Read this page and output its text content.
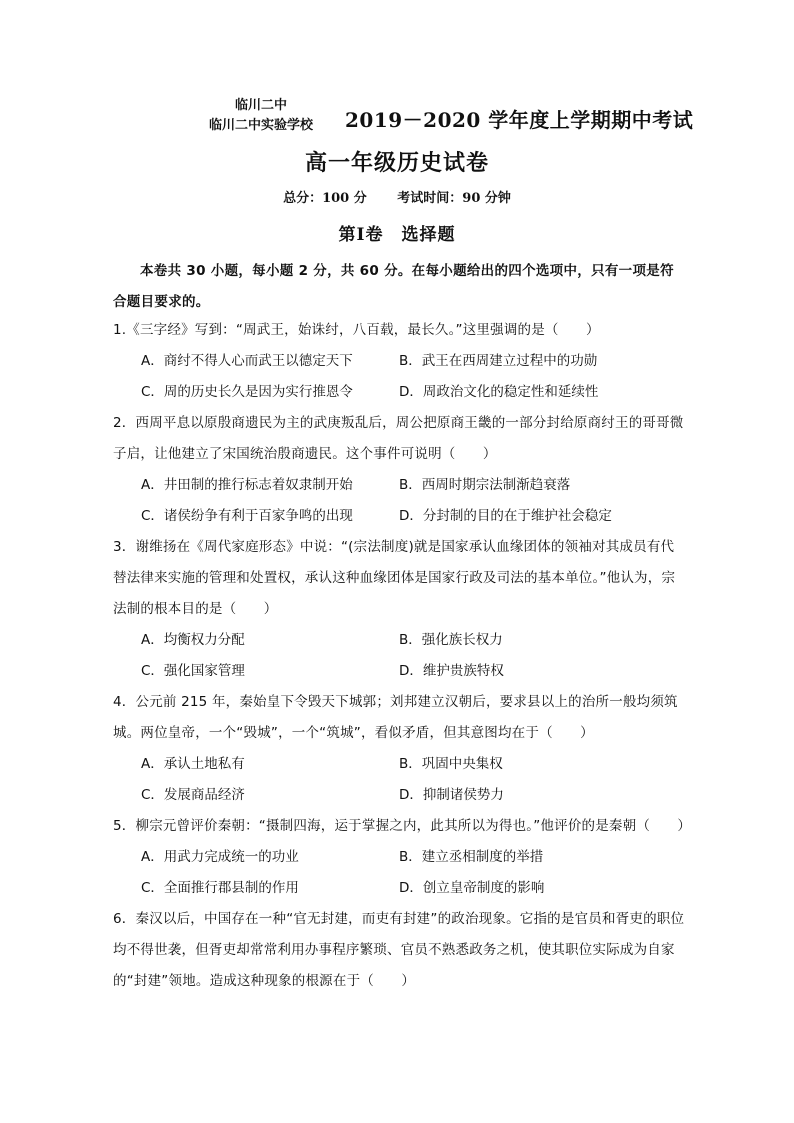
临川二中
临川二中实验学校	2019－2020 学年度上学期期中考试
高一年级历史试卷
总分：100 分 考试时间：90 分钟
第Ⅰ卷　选择题
本卷共 30 小题，每小题 2 分，共 60 分。在每小题给出的四个选项中，只有一项是符合题目要求的。
1.《三字经》写到：“周武王，始诛纣，八百载，最长久。”这里强调的是（　　）
A．商纣不得人心而武王以德定天下	B．武王在西周建立过程中的功勋
C．周的历史长久是因为实行推恩令	D．周政治文化的稳定性和延续性
2．西周平息以原殷商遗民为主的武庚叛乱后，周公把原商王畿的一部分封给原商纣王的哥哥微子启，让他建立了宋国统治殷商遗民。这个事件可说明（　　）
A．井田制的推行标志着奴隶制开始	B．西周时期宗法制渐趋衰落
C．诸侯纷争有利于百家争鸣的出现	D．分封制的目的在于维护社会稳定
3．谢维扬在《周代家庭形态》中说：“(宗法制度)就是国家承认血缘团体的领袖对其成员有代替法律来实施的管理和处置权，承认这种血缘团体是国家行政及司法的基本单位。”他认为，宗法制的根本目的是（　　）
A．均衡权力分配	B．强化族长权力
C．强化国家管理	D．维护贵族特权
4．公元前 215 年，秦始皇下令毁天下城郭；刘邦建立汉朝后，要求县以上的治所一般均须筑城。两位皇帝，一个“毁城”，一个“筑城”，看似矛盾，但其意图均在于（　　）
A．承认土地私有	B．巩固中央集权
C．发展商品经济	D．抑制诸侯势力
5．柳宗元曾评价秦朝：“摄制四海，运于掌握之内，此其所以为得也。”他评价的是秦朝（　　）
A．用武力完成统一的功业	B．建立丞相制度的举措
C．全面推行郡县制的作用	D．创立皇帝制度的影响
6．秦汉以后，中国存在一种“官无封建，而吏有封建”的政治现象。它指的是官员和胥吏的职位均不得世袭，但胥吏却常常利用办事程序繁琐、官员不熟悉政务之机，使其职位实际成为自家的“封建”领地。造成这种现象的根源在于（　　）
